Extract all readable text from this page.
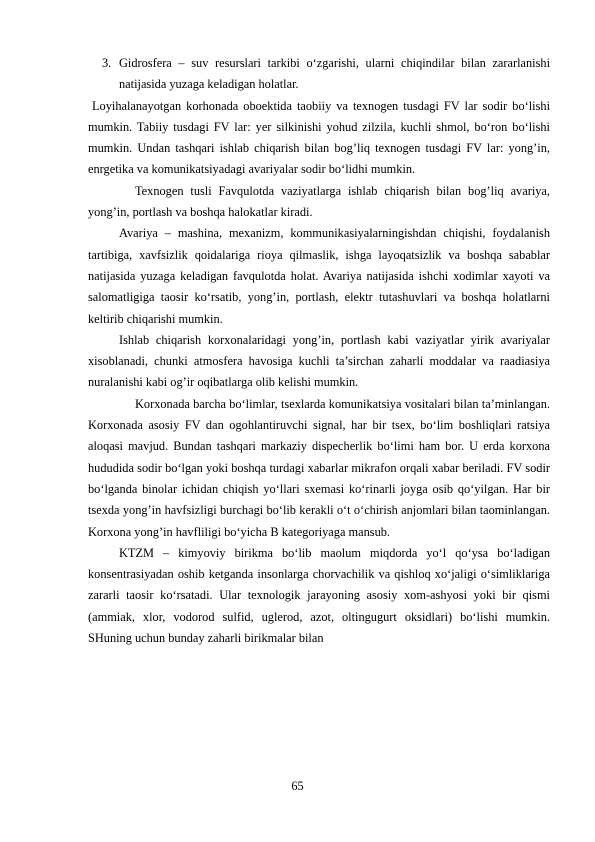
3. Gidrosfera – suv resurslari tarkibi o‘zgarishi, ularni chiqindilar bilan zararlanishi natijasida yuzaga keladigan holatlar.

Loyihalanayotgan korhonada oboektida taobiiy va texnogen tusdagi FV lar sodir bo‘lishi mumkin. Tabiiy tusdagi FV lar: yer silkinishi yohud zilzila, kuchli shmol, bo‘ron bo‘lishi mumkin. Undan tashqari ishlab chiqarish bilan bog’liq texnogen tusdagi FV lar: yong’in, enrgetika va komunikatsiyadagi avariyalar sodir bo‘lidhi mumkin.

Texnogen tusli Favqulotda vaziyatlarga ishlab chiqarish bilan bog’liq avariya, yong’in, portlash va boshqa halokatlar kiradi.

Avariya – mashina, mexanizm, kommunikasiyalarningishdan chiqishi, foydalanish tartibiga, xavfsizlik qoidalariga rioya qilmaslik, ishga layoqatsizlik va boshqa sabablar natijasida yuzaga keladigan favqulotda holat. Avariya natijasida ishchi xodimlar xayoti va salomatligiga taosir ko‘rsatib, yong’in, portlash, elektr tutashuvlari va boshqa holatlarni keltirib chiqarishi mumkin.

Ishlab chiqarish korxonalaridagi yong’in, portlash kabi vaziyatlar yirik avariyalar xisoblanadi, chunki atmosfera havosiga kuchli ta’sirchan zaharli moddalar va raadiasiya nuralanishi kabi og’ir oqibatlarga olib kelishi mumkin.

Korxonada barcha bo‘limlar, tsexlarda komunikatsiya vositalari bilan ta’minlangan. Korxonada asosiy FV dan ogohlantiruvchi signal, har bir tsex, bo‘lim boshliqlari ratsiya aloqasi mavjud. Bundan tashqari markaziy dispecherlik bo‘limi ham bor. U erda korxona hududida sodir bo‘lgan yoki boshqa turdagi xabarlar mikrafon orqali xabar beriladi. FV sodir bo‘lganda binolar ichidan chiqish yo‘llari sxemasi ko‘rinarli joyga osib qo‘yilgan. Har bir tsexda yong’in havfsizligi burchagi bo‘lib kerakli o‘t o‘chirish anjomlari bilan taominlangan. Korxona yong’in havfliligi bo‘yicha B kategoriyaga mansub.

KTZM – kimyoviy birikma bo‘lib maolum miqdorda yo‘l qo‘ysa bo‘ladigan konsentrasiyadan oshib ketganda insonlarga chorvachilik va qishloq xo‘jaligi o‘simliklariga zararli taosir ko‘rsatadi. Ular texnologik jarayoning asosiy xom-ashyosi yoki bir qismi (ammiak, xlor, vodorod sulfid, uglerod, azot, oltingugurt oksidlari) bo‘lishi mumkin. SHuning uchun bunday zaharli birikmalar bilan

65
